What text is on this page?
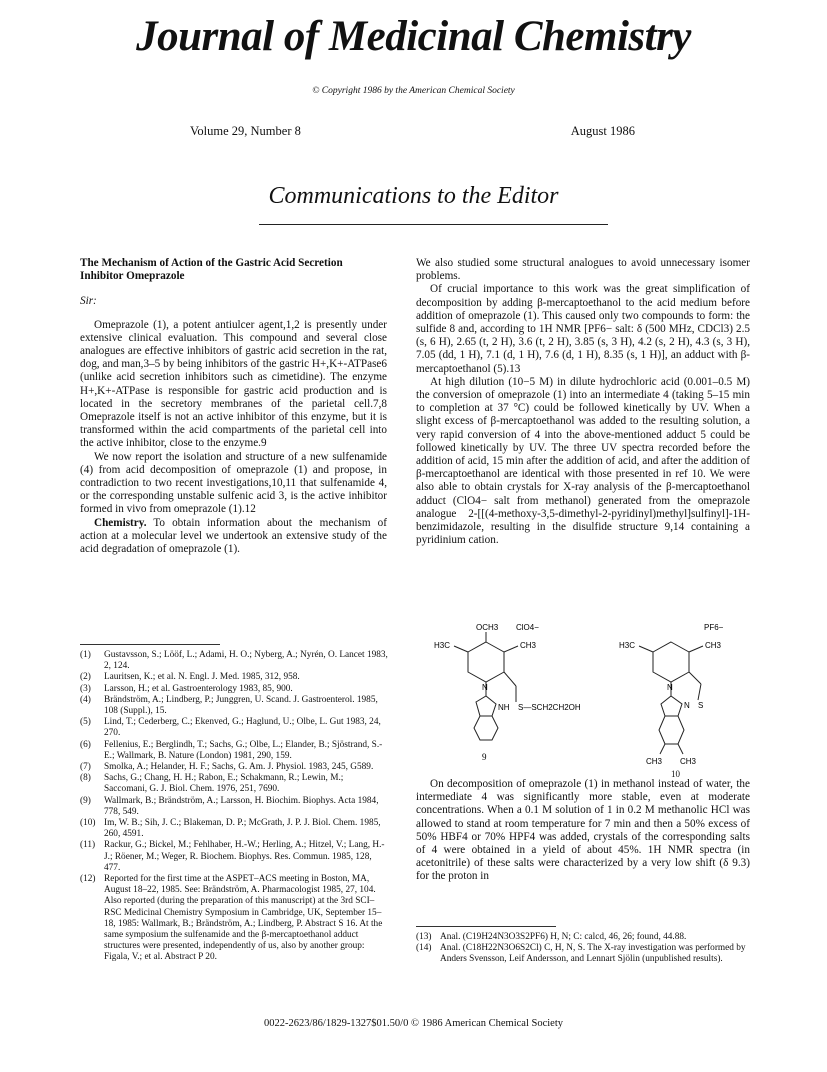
Journal of Medicinal Chemistry
© Copyright 1986 by the American Chemical Society
Volume 29, Number 8	August 1986
Communications to the Editor

The Mechanism of Action of the Gastric Acid Secretion Inhibitor Omeprazole

Sir:

Omeprazole (1), a potent antiulcer agent,1,2 is presently under extensive clinical evaluation. This compound and several close analogues are effective inhibitors of gastric acid secretion in the rat, dog, and man,3–5 by being inhibitors of the gastric H+,K+-ATPase6 (unlike acid secretion inhibitors such as cimetidine). The enzyme H+,K+-ATPase is responsible for gastric acid production and is located in the secretory membranes of the parietal cell.7,8 Omeprazole itself is not an active inhibitor of this enzyme, but it is transformed within the acid compartments of the parietal cell into the active inhibitor, close to the enzyme.9

We now report the isolation and structure of a new sulfenamide (4) from acid decomposition of omeprazole (1) and propose, in contradiction to two recent investigations,10,11 that sulfenamide 4, or the corresponding unstable sulfenic acid 3, is the active inhibitor formed in vivo from omeprazole (1).12

Chemistry. To obtain information about the mechanism of action at a molecular level we undertook an extensive study of the acid degradation of omeprazole (1).

We also studied some structural analogues to avoid unnecessary isomer problems.

Of crucial importance to this work was the great simplification of decomposition by adding β-mercaptoethanol to the acid medium before addition of omeprazole (1). This caused only two compounds to form: the sulfide 8 and, according to 1H NMR [PF6− salt: δ (500 MHz, CDCl3) 2.5 (s, 6 H), 2.65 (t, 2 H), 3.6 (t, 2 H), 3.85 (s, 3 H), 4.2 (s, 2 H), 4.3 (s, 3 H), 7.05 (dd, 1 H), 7.1 (d, 1 H), 7.6 (d, 1 H), 8.35 (s, 1 H)], an adduct with β-mercaptoethanol (5).13

At high dilution (10−5 M) in dilute hydrochloric acid (0.001–0.5 M) the conversion of omeprazole (1) into an intermediate 4 (taking 5–15 min to completion at 37 °C) could be followed kinetically by UV. When a slight excess of β-mercaptoethanol was added to the resulting solution, a very rapid conversion of 4 into the above-mentioned adduct 5 could be followed kinetically by UV. The three UV spectra recorded before the addition of acid, 15 min after the addition of acid, and after the addition of β-mercaptoethanol are identical with those presented in ref 10. We were also able to obtain crystals for X-ray analysis of the β-mercaptoethanol adduct (ClO4− salt from methanol) generated from the omeprazole analogue 2-[[(4-methoxy-3,5-dimethyl-2-pyridinyl)methyl]sulfinyl]-1H-benzimidazole, resulting in the disulfide structure 9,14 containing a pyridinium cation.

OCH3 ClO4−
H3C	CH3
N
S—SCH2CH2OH
NH
9
PF6−
H3C	CH3
N
S
N
CH3 CH3
10

On decomposition of omeprazole (1) in methanol instead of water, the intermediate 4 was significantly more stable, even at moderate concentrations. When a 0.1 M solution of 1 in 0.2 M methanolic HCl was allowed to stand at room temperature for 7 min and then a 50% excess of 50% HBF4 or 70% HPF4 was added, crystals of the corresponding salts of 4 were obtained in a yield of about 45%. 1H NMR spectra (in acetonitrile) of these salts were characterized by a very low shift (δ 9.3) for the proton in

(1)	Gustavsson, S.; Lööf, L.; Adami, H. O.; Nyberg, A.; Nyrén, O. Lancet 1983, 2, 124.
(2)	Lauritsen, K.; et al. N. Engl. J. Med. 1985, 312, 958.
(3)	Larsson, H.; et al. Gastroenterology 1983, 85, 900.
(4)	Brändström, A.; Lindberg, P.; Junggren, U. Scand. J. Gastroenterol. 1985, 108 (Suppl.), 15.
(5)	Lind, T.; Cederberg, C.; Ekenved, G.; Haglund, U.; Olbe, L. Gut 1983, 24, 270.
(6)	Fellenius, E.; Berglindh, T.; Sachs, G.; Olbe, L.; Elander, B.; Sjöstrand, S.-E.; Wallmark, B. Nature (London) 1981, 290, 159.
(7)	Smolka, A.; Helander, H. F.; Sachs, G. Am. J. Physiol. 1983, 245, G589.
(8)	Sachs, G.; Chang, H. H.; Rabon, E.; Schakmann, R.; Lewin, M.; Saccomani, G. J. Biol. Chem. 1976, 251, 7690.
(9)	Wallmark, B.; Brändström, A.; Larsson, H. Biochim. Biophys. Acta 1984, 778, 549.
(10) Im, W. B.; Sih, J. C.; Blakeman, D. P.; McGrath, J. P. J. Biol. Chem. 1985, 260, 4591.
(11) Rackur, G.; Bickel, M.; Fehlhaber, H.-W.; Herling, A.; Hitzel, V.; Lang, H.-J.; Röener, M.; Weger, R. Biochem. Biophys. Res. Commun. 1985, 128, 477.
(12) Reported for the first time at the ASPET–ACS meeting in Boston, MA, August 18–22, 1985. See: Brändström, A. Pharmacologist 1985, 27, 104. Also reported (during the preparation of this manuscript) at the 3rd SCI–RSC Medicinal Chemistry Symposium in Cambridge, UK, September 15–18, 1985: Wallmark, B.; Brändström, A.; Lindberg, P. Abstract S 16. At the same symposium the sulfenamide and the β-mercaptoethanol adduct structures were presented, independently of us, also by another group: Figala, V.; et al. Abstract P 20.
(13) Anal. (C19H24N3O3S2PF6) H, N; C: calcd, 46, 26; found, 44.88.
(14) Anal. (C18H22N3O6S2Cl) C, H, N, S. The X-ray investigation was performed by Anders Svensson, Leif Andersson, and Lennart Sjölin (unpublished results).
0022-2623/86/1829-1327$01.50/0 © 1986 American Chemical Society
